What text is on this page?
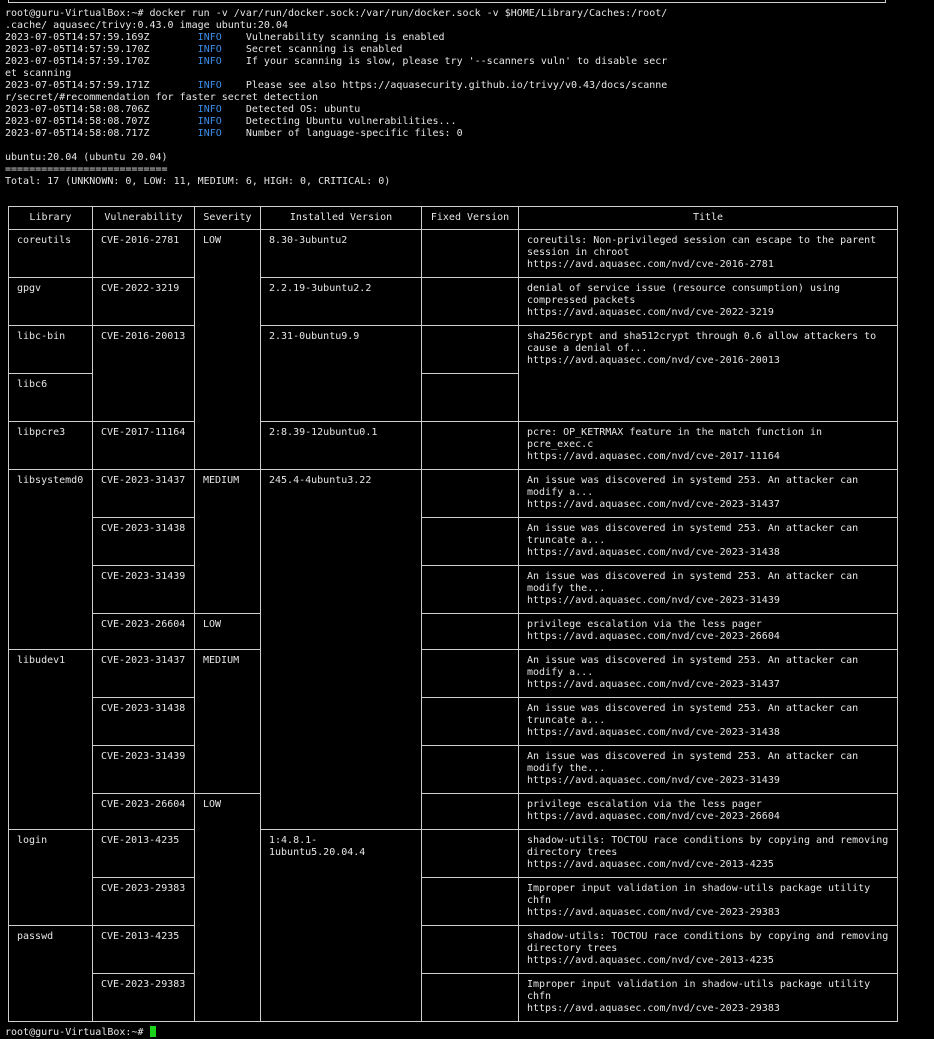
root@guru-VirtualBox:~# docker run -v /var/run/docker.sock:/var/run/docker.sock -v $HOME/Library/Caches:/root/
.cache/ aquasec/trivy:0.43.0 image ubuntu:20.04
2023-07-05T14:57:59.169Z	INFO Vulnerability scanning is enabled
2023-07-05T14:57:59.170Z	INFO Secret scanning is enabled
2023-07-05T14:57:59.170Z	INFO If your scanning is slow, please try '--scanners vuln' to disable secr
et scanning
2023-07-05T14:57:59.171Z	INFO Please see also https://aquasecurity.github.io/trivy/v0.43/docs/scanne
r/secret/#recommendation for faster secret detection
2023-07-05T14:58:08.706Z	INFO Detected OS: ubuntu
2023-07-05T14:58:08.707Z	INFO Detecting Ubuntu vulnerabilities...
2023-07-05T14:58:08.717Z	INFO Number of language-specific files: 0

ubuntu:20.04 (ubuntu 20.04)
===========================
Total: 17 (UNKNOWN: 0, LOW: 11, MEDIUM: 6, HIGH: 0, CRITICAL: 0)
Library	Vulnerability	Severity	Installed Version	Fixed Version	Title
coreutils	CVE-2016-2781	LOW	8.30-3ubuntu2		coreutils: Non-privileged session can escape to the parent
session in chroot
https://avd.aquasec.com/nvd/cve-2016-2781
gpgv	CVE-2022-3219		2.2.19-3ubuntu2.2		denial of service issue (resource consumption) using
compressed packets
https://avd.aquasec.com/nvd/cve-2022-3219
libc-bin	CVE-2016-20013		2.31-0ubuntu9.9		sha256crypt and sha512crypt through 0.6 allow attackers to
cause a denial of...
https://avd.aquasec.com/nvd/cve-2016-20013
libc6					
libpcre3	CVE-2017-11164		2:8.39-12ubuntu0.1		pcre: OP_KETRMAX feature in the match function in
pcre_exec.c
https://avd.aquasec.com/nvd/cve-2017-11164
libsystemd0	CVE-2023-31437	MEDIUM	245.4-4ubuntu3.22		An issue was discovered in systemd 253. An attacker can
modify a...
https://avd.aquasec.com/nvd/cve-2023-31437
	CVE-2023-31438				An issue was discovered in systemd 253. An attacker can
truncate a...
https://avd.aquasec.com/nvd/cve-2023-31438
	CVE-2023-31439				An issue was discovered in systemd 253. An attacker can
modify the...
https://avd.aquasec.com/nvd/cve-2023-31439
	CVE-2023-26604	LOW			privilege escalation via the less pager
https://avd.aquasec.com/nvd/cve-2023-26604
libudev1	CVE-2023-31437	MEDIUM			An issue was discovered in systemd 253. An attacker can
modify a...
https://avd.aquasec.com/nvd/cve-2023-31437
	CVE-2023-31438				An issue was discovered in systemd 253. An attacker can
truncate a...
https://avd.aquasec.com/nvd/cve-2023-31438
	CVE-2023-31439				An issue was discovered in systemd 253. An attacker can
modify the...
https://avd.aquasec.com/nvd/cve-2023-31439
	CVE-2023-26604	LOW			privilege escalation via the less pager
https://avd.aquasec.com/nvd/cve-2023-26604
login	CVE-2013-4235		1:4.8.1-1ubuntu5.20.04.4		shadow-utils: TOCTOU race conditions by copying and removing
directory trees
https://avd.aquasec.com/nvd/cve-2013-4235
	CVE-2023-29383				Improper input validation in shadow-utils package utility
chfn
https://avd.aquasec.com/nvd/cve-2023-29383
passwd	CVE-2013-4235				shadow-utils: TOCTOU race conditions by copying and removing
directory trees
https://avd.aquasec.com/nvd/cve-2013-4235
	CVE-2023-29383				Improper input validation in shadow-utils package utility
chfn
https://avd.aquasec.com/nvd/cve-2023-29383
root@guru-VirtualBox:~#
